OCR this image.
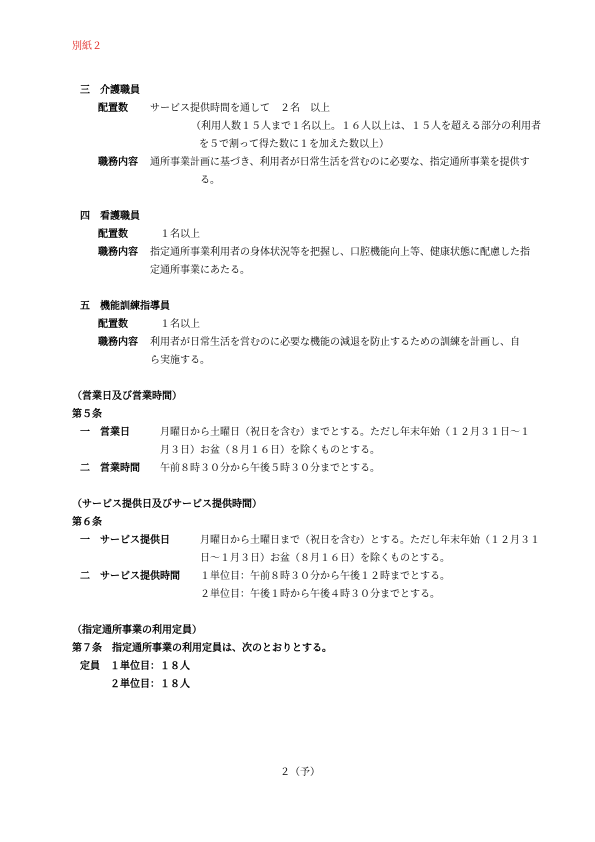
別紙２
三　介護職員
配置数 サービス提供時間を通して　２名　以上
（利用人数１５人まで１名以上。１６人以上は、１５人を超える部分の利用者
を５で割って得た数に１を加えた数以上）
職務内容 通所事業計画に基づき、利用者が日常生活を営むのに必要な、指定通所事業を提供す
る。
四　看護職員
配置数	１名以上
職務内容 指定通所事業利用者の身体状況等を把握し、口腔機能向上等、健康状態に配慮した指
定通所事業にあたる。
五　機能訓練指導員
配置数	１名以上
職務内容 利用者が日常生活を営むのに必要な機能の減退を防止するための訓練を計画し、自
ら実施する。
（営業日及び営業時間）
第５条
一　営業日	月曜日から土曜日（祝日を含む）までとする。ただし年末年始（１２月３１日～１
月３日）お盆（８月１６日）を除くものとする。
二　営業時間 午前８時３０分から午後５時３０分までとする。
（サービス提供日及びサービス提供時間）
第６条
一　サービス提供日	月曜日から土曜日まで（祝日を含む）とする。ただし年末年始（１２月３１
日～１月３日）お盆（８月１６日）を除くものとする。
二　サービス提供時間 １単位目：午前８時３０分から午後１２時までとする。
２単位目：午後１時から午後４時３０分までとする。
（指定通所事業の利用定員）
第７条　指定通所事業の利用定員は、次のとおりとする。
定員 １単位目：１８人
２単位目：１８人
２（予）
